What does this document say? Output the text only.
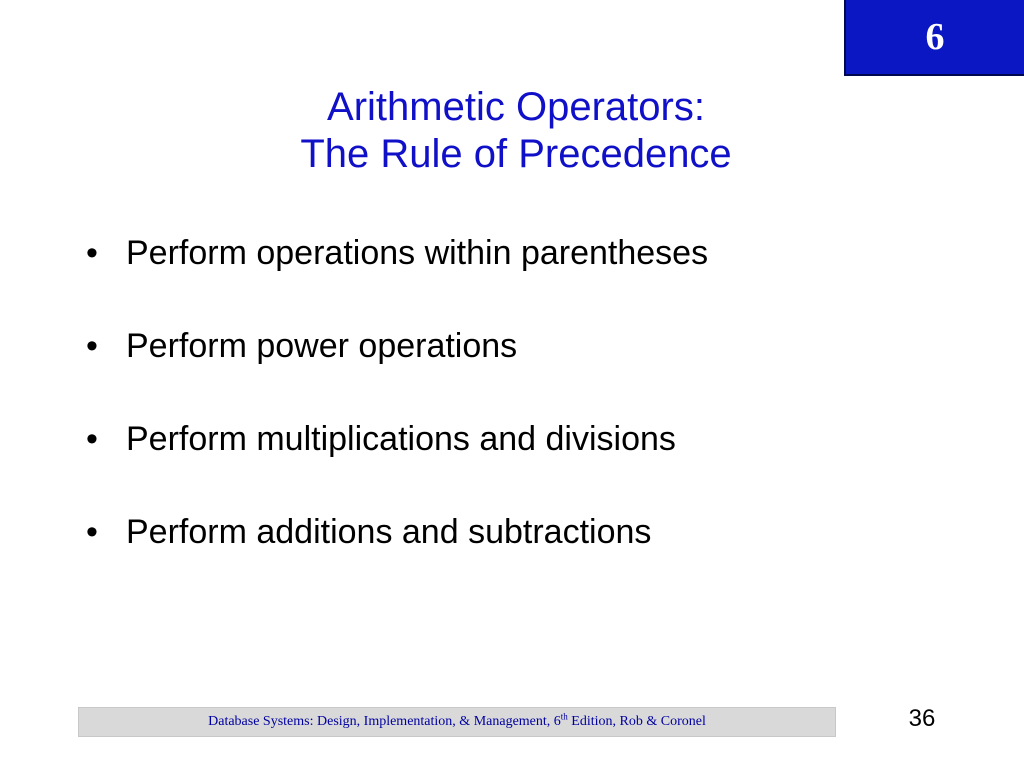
6
Arithmetic Operators:
The Rule of Precedence
• Perform operations within parentheses
• Perform power operations
• Perform multiplications and divisions
• Perform additions and subtractions
Database Systems: Design, Implementation, & Management, 6th Edition, Rob & Coronel	36
